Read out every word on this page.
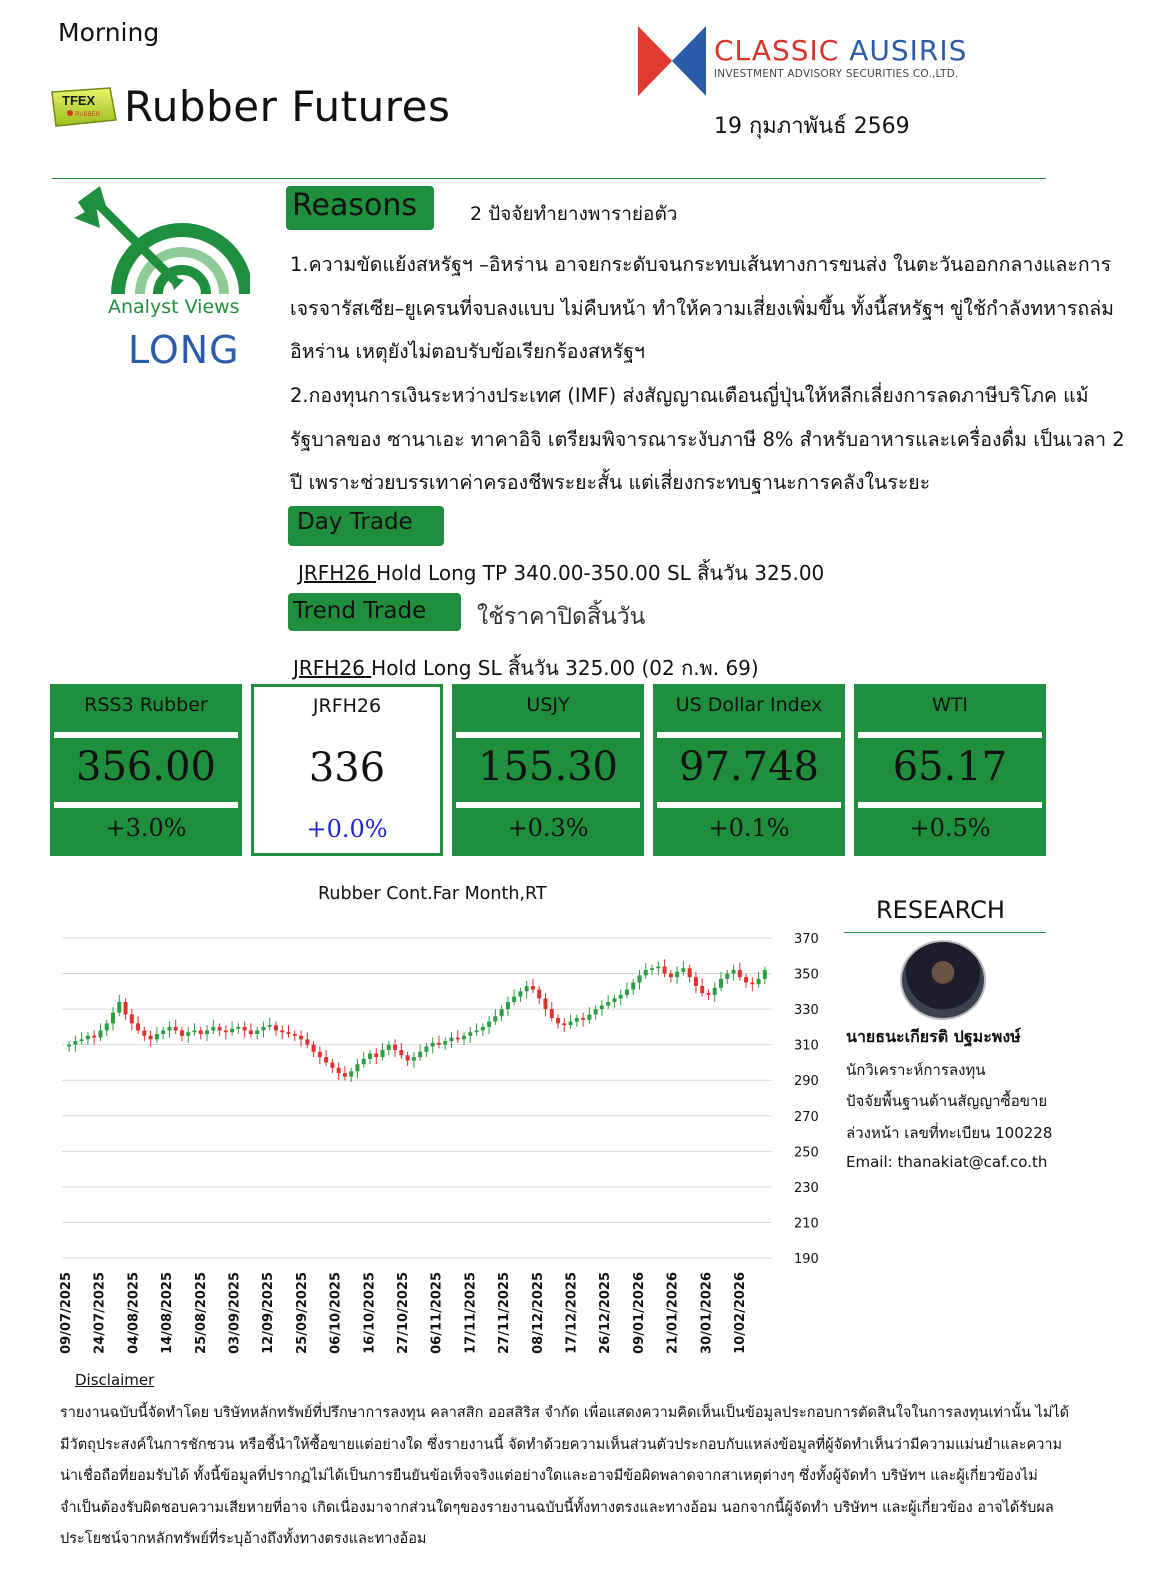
Morning
TFEX
RUBBER Rubber Futures
CLASSIC AUSIRIS
INVESTMENT ADVISORY SECURITIES CO.,LTD.
19 กุมภาพันธ์ 2569
Analyst Views
LONG
Reasons	2 ปัจจัยทำยางพาราย่อตัว
1.ความขัดแย้งสหรัฐฯ –อิหร่าน อาจยกระดับจนกระทบเส้นทางการขนส่ง ในตะวันออกกลางและการเจรจารัสเซีย–ยูเครนที่จบลงแบบ ไม่คืบหน้า ทำให้ความเสี่ยงเพิ่มขึ้น ทั้งนี้สหรัฐฯ ขู่ใช้กำลังทหารถล่มอิหร่าน เหตุยังไม่ตอบรับข้อเรียกร้องสหรัฐฯ
2.กองทุนการเงินระหว่างประเทศ (IMF) ส่งสัญญาณเตือนญี่ปุ่นให้หลีกเลี่ยงการลดภาษีบริโภค แม้รัฐบาลของ ซานาเอะ ทาคาอิจิ เตรียมพิจารณาระงับภาษี 8% สำหรับอาหารและเครื่องดื่ม เป็นเวลา 2 ปี เพราะช่วยบรรเทาค่าครองชีพระยะสั้น แต่เสี่ยงกระทบฐานะการคลังในระยะ
Day Trade
JRFH26 Hold Long TP 340.00-350.00 SL สิ้นวัน 325.00
Trend Trade	ใช้ราคาปิดสิ้นวัน
JRFH26 Hold Long SL สิ้นวัน 325.00 (02 ก.พ. 69)
RSS3 Rubber
356.00
+3.0%
JRFH26
336
+0.0%
USJY
155.30
+0.3%
US Dollar Index
97.748
+0.1%
WTI
65.17
+0.5%
Rubber Cont.Far Month,RT
370
350
330
310
290
270
250
230
210
190
09/07/2025 24/07/2025 04/08/2025 14/08/2025 25/08/2025 03/09/2025 12/09/2025 25/09/2025 06/10/2025 16/10/2025 27/10/2025 06/11/2025 17/11/2025 27/11/2025 08/12/2025 17/12/2025 26/12/2025 09/01/2026 21/01/2026 30/01/2026 10/02/2026
RESEARCH
นายธนะเกียรติ ปฐมะพงษ์
นักวิเคราะห์การลงทุน
ปัจจัยพื้นฐานด้านสัญญาซื้อขาย
ล่วงหน้า เลขที่ทะเบียน 100228
Email: thanakiat@caf.co.th
Disclaimer
รายงานฉบับนี้จัดทำโดย บริษัทหลักทรัพย์ที่ปรึกษาการลงทุน คลาสสิก ออสสิริส จำกัด เพื่อแสดงความคิดเห็นเป็นข้อมูลประกอบการตัดสินใจในการลงทุนเท่านั้น ไม่ได้มีวัตถุประสงค์ในการชักชวน หรือชี้นำให้ซื้อขายแต่อย่างใด ซึ่งรายงานนี้ จัดทำด้วยความเห็นส่วนตัวประกอบกับแหล่งข้อมูลที่ผู้จัดทำเห็นว่ามีความแม่นยำและความน่าเชื่อถือที่ยอมรับได้ ทั้งนี้ข้อมูลที่ปรากฏไม่ได้เป็นการยืนยันข้อเท็จจริงแต่อย่างใดและอาจมีข้อผิดพลาดจากสาเหตุต่างๆ ซึ่งทั้งผู้จัดทำ บริษัทฯ และผู้เกี่ยวข้องไม่จำเป็นต้องรับผิดชอบความเสียหายที่อาจ เกิดเนื่องมาจากส่วนใดๆของรายงานฉบับนี้ทั้งทางตรงและทางอ้อม นอกจากนี้ผู้จัดทำ บริษัทฯ และผู้เกี่ยวข้อง อาจได้รับผลประโยชน์จากหลักทรัพย์ที่ระบุอ้างถึงทั้งทางตรงและทางอ้อม
